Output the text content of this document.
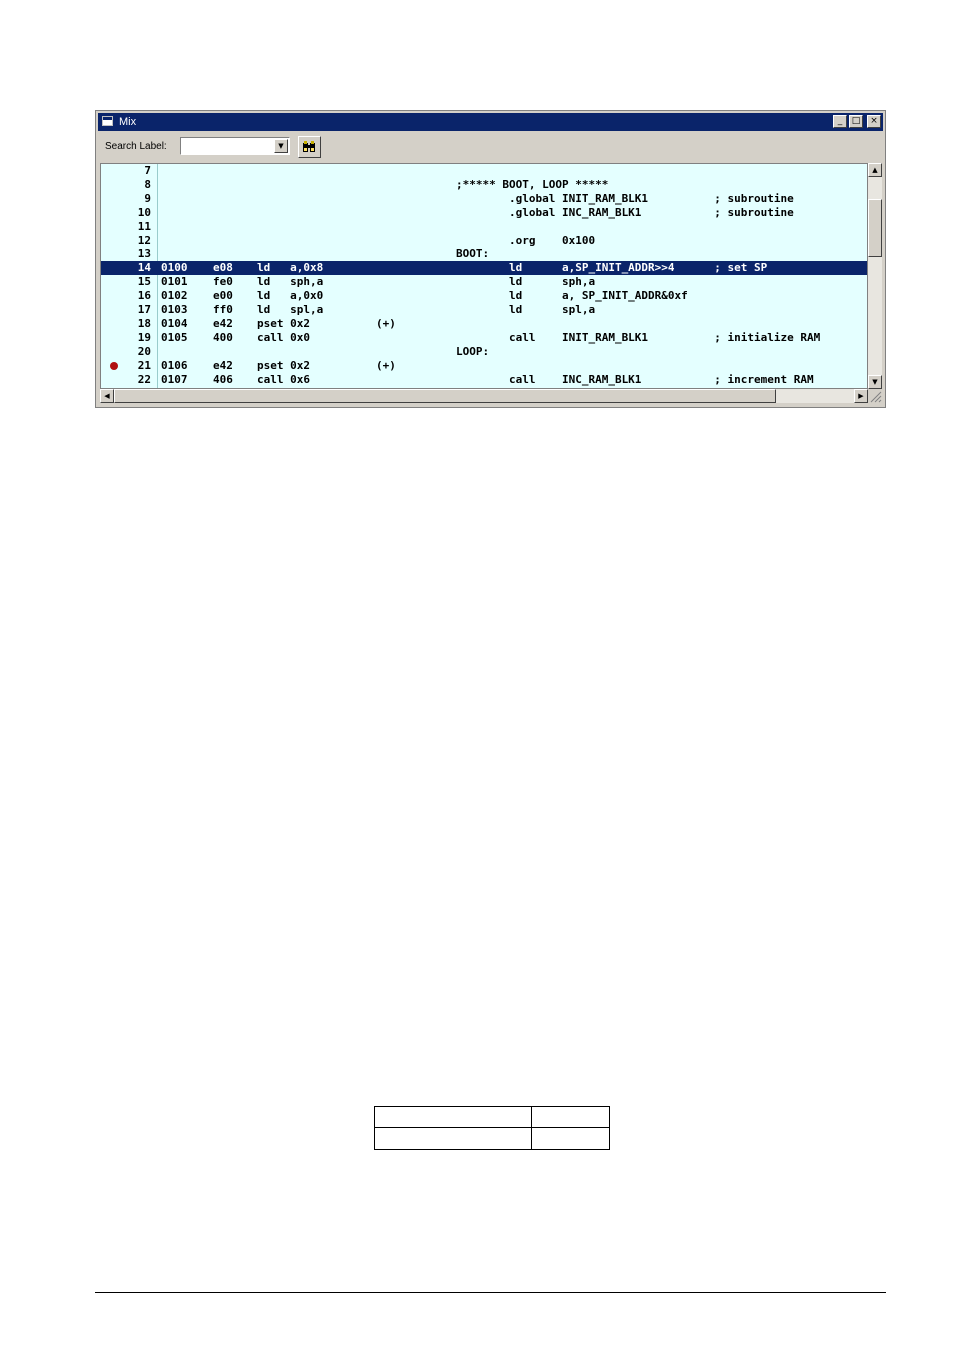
Mix	_	□	×
Search Label:	▼
7
8	;***** BOOT, LOOP *****
9	.global INIT_RAM_BLK1          ; subroutine
10	.global INC_RAM_BLK1           ; subroutine
11
12	.org    0x100
13	BOOT:
14 0100 e08 ld   a,0x8	ld      a,SP_INIT_ADDR>>4      ; set SP
15 0101 fe0 ld   sph,a	ld      sph,a
16 0102 e00 ld   a,0x0	ld      a, SP_INIT_ADDR&0xf
17 0103 ff0 ld   spl,a	ld      spl,a
18 0104 e42 pset 0x2	(+)
19 0105 400 call 0x0	call    INIT_RAM_BLK1          ; initialize RAM
20	LOOP:
21 0106 e42 pset 0x2	(+)
22 0107 406 call 0x6	call    INC_RAM_BLK1           ; increment RAM
▲
▼
◀	▶
